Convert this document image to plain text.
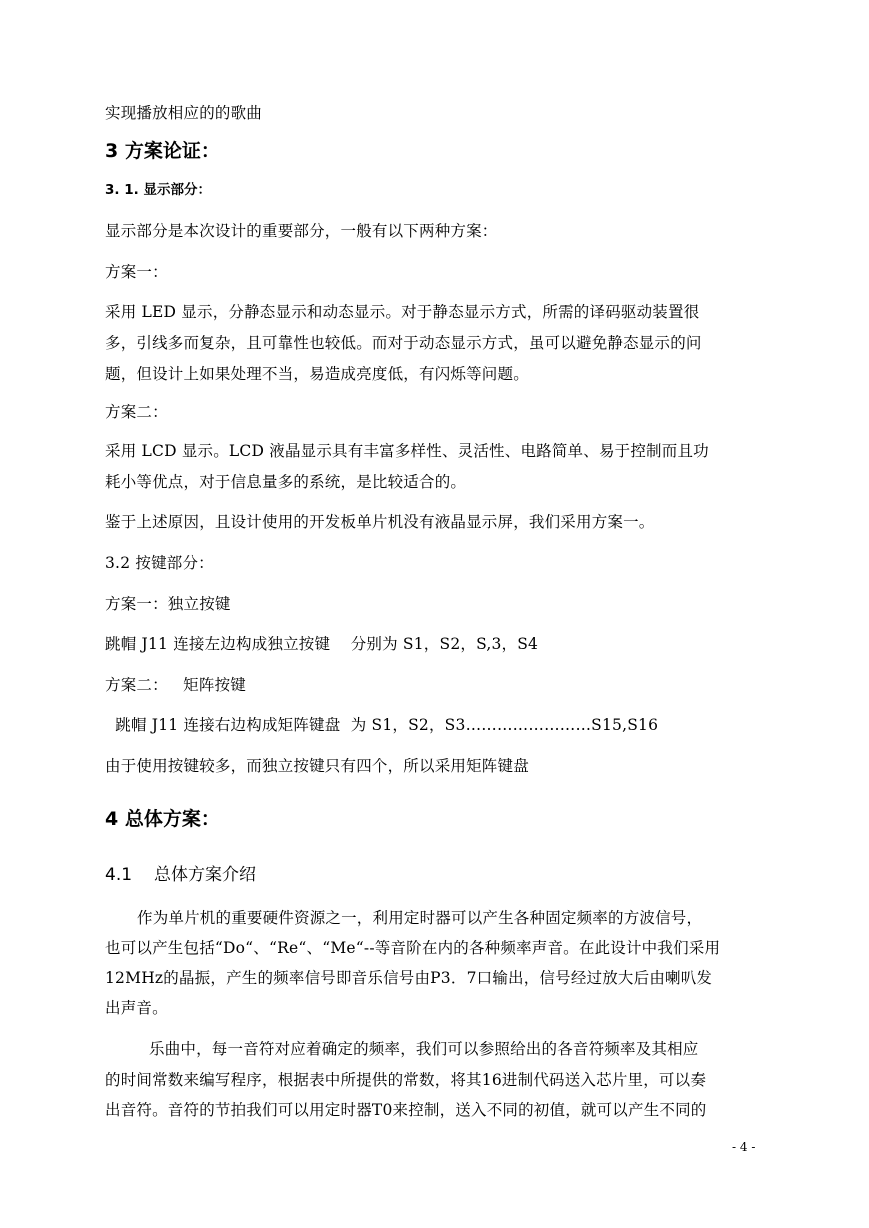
实现播放相应的的歌曲
3 方案论证：
3. 1. 显示部分：
显示部分是本次设计的重要部分，一般有以下两种方案：
方案一：
采用 LED 显示，分静态显示和动态显示。对于静态显示方式，所需的译码驱动装置很
多，引线多而复杂，且可靠性也较低。而对于动态显示方式，虽可以避免静态显示的问
题，但设计上如果处理不当，易造成亮度低，有闪烁等问题。
方案二：
采用 LCD 显示。LCD 液晶显示具有丰富多样性、灵活性、电路简单、易于控制而且功
耗小等优点，对于信息量多的系统，是比较适合的。
鉴于上述原因，且设计使用的开发板单片机没有液晶显示屏，我们采用方案一。
3.2 按键部分：
方案一：独立按键
跳帽 J11 连接左边构成独立按键    分别为 S1，S2，S,3，S4
方案二：   矩阵按键
跳帽 J11 连接右边构成矩阵键盘  为 S1，S2，S3……………………S15,S16
由于使用按键较多，而独立按键只有四个，所以采用矩阵键盘
4 总体方案：
4.1 总体方案介绍
作为单片机的重要硬件资源之一，利用定时器可以产生各种固定频率的方波信号，
也可以产生包括“Do“、“Re“、“Me“--等音阶在内的各种频率声音。在此设计中我们采用
12MHz的晶振，产生的频率信号即音乐信号由P3．7口输出，信号经过放大后由喇叭发
出声音。
乐曲中，每一音符对应着确定的频率，我们可以参照给出的各音符频率及其相应
的时间常数来编写程序，根据表中所提供的常数，将其16进制代码送入芯片里，可以奏
出音符。音符的节拍我们可以用定时器T0来控制，送入不同的初值，就可以产生不同的
- 4 -
